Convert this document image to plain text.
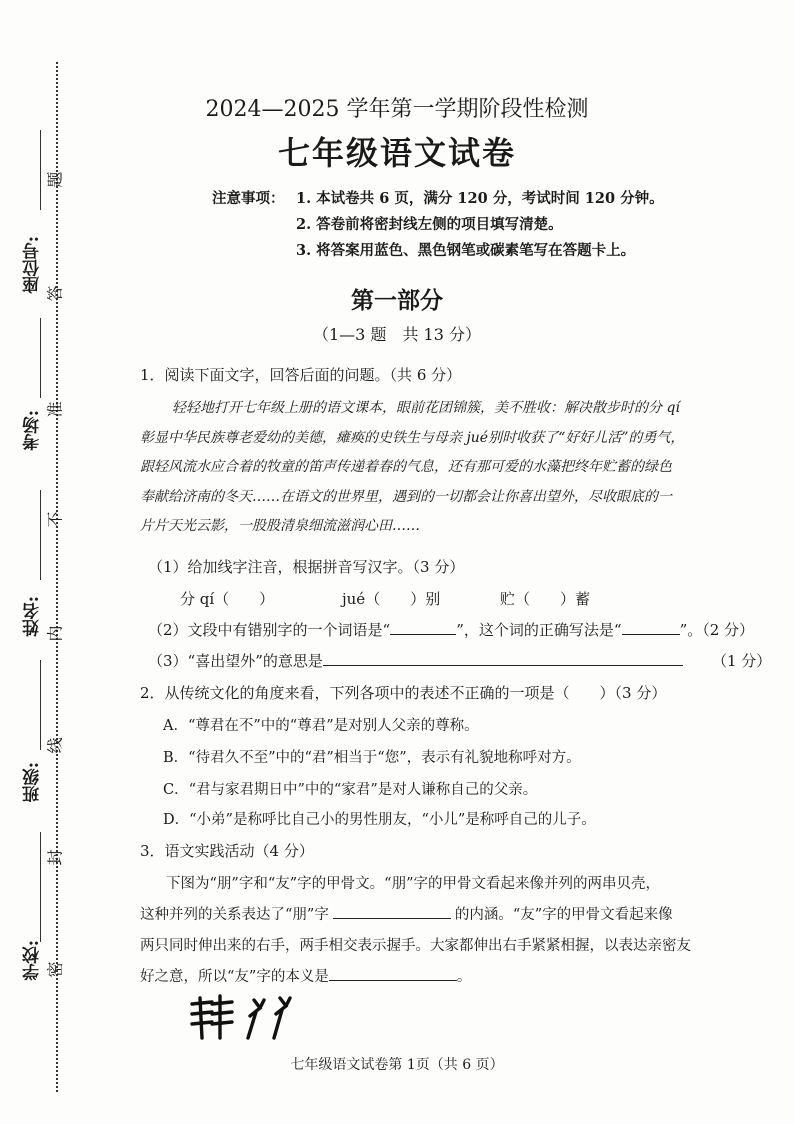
座位号:
考场:
姓名:
班级:
学校:
题
答
准
不
内
线
封
密
2024—2025 学年第一学期阶段性检测
七年级语文试卷
注意事项： 1. 本试卷共 6 页，满分 120 分，考试时间 120 分钟。
2. 答卷前将密封线左侧的项目填写清楚。
3. 将答案用蓝色、黑色钢笔或碳素笔写在答题卡上。
第一部分
（1—3 题　共 13 分）
1．阅读下面文字，回答后面的问题。（共 6 分）

轻轻地打开七年级上册的语文课本，眼前花团锦簇，美不胜收：解决散步时的分 qí

彰显中华民族尊老爱幼的美德，瘫痪的史铁生与母亲 jué别时收获了“好好儿活”的勇气，

跟轻风流水应合着的牧童的笛声传递着春的气息，还有那可爱的水藻把终年贮蓄的绿色

奉献给济南的冬天……在语文的世界里，遇到的一切都会让你喜出望外，尽收眼底的一

片片天光云影，一股股清泉细流滋润心田……

（1）给加线字注音，根据拼音写汉字。（3 分）
分 qí（　　）	jué（　　）别	贮（　　）蓄
（2）文段中有错别字的一个词语是“	”，这个词的正确写法是“	”。（2 分）
（3）“喜出望外”的意思是	（1 分）
2．从传统文化的角度来看，下列各项中的表述不正确的一项是（　　）（3 分）
A．“尊君在不”中的“尊君”是对别人父亲的尊称。
B．“待君久不至”中的“君”相当于“您”，表示有礼貌地称呼对方。
C．“君与家君期日中”中的“家君”是对人谦称自己的父亲。
D．“小弟”是称呼比自己小的男性朋友，“小儿”是称呼自己的儿子。
3．语文实践活动（4 分）
下图为“朋”字和“友”字的甲骨文。“朋”字的甲骨文看起来像并列的两串贝壳，
这种并列的关系表达了“朋”字	的内涵。“友”字的甲骨文看起来像
两只同时伸出来的右手，两手相交表示握手。大家都伸出右手紧紧相握，以表达亲密友
好之意，所以“友”字的本义是	。
七年级语文试卷第 1页（共 6 页）
